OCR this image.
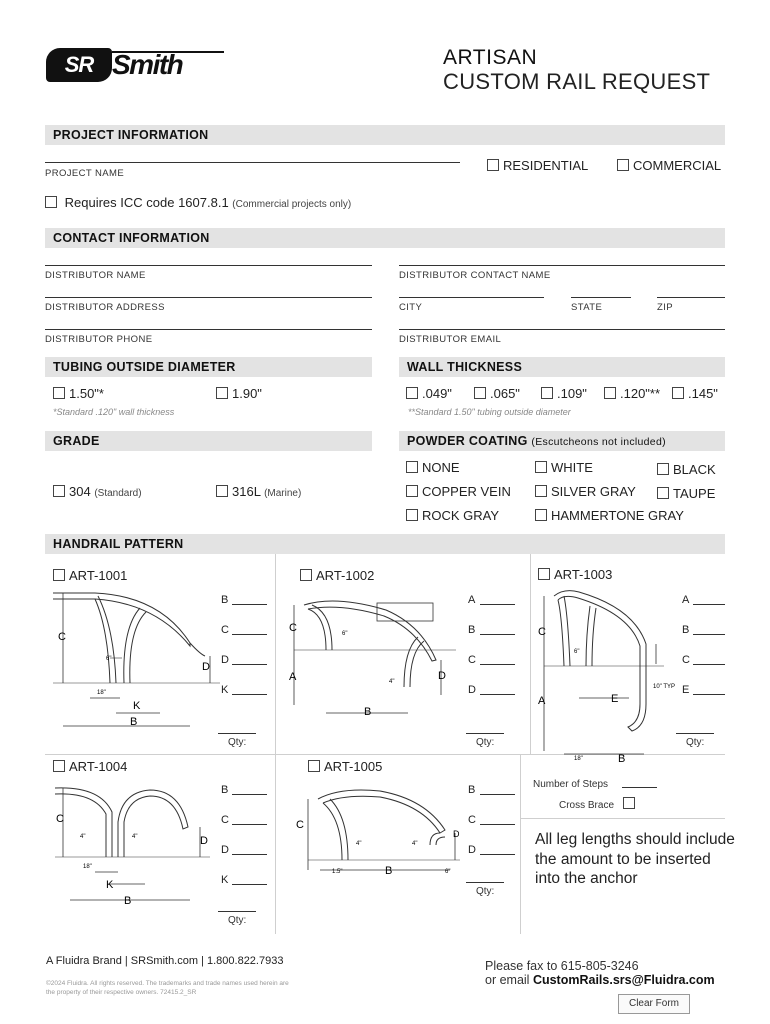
SR Smith	ARTISAN
CUSTOM RAIL REQUEST
PROJECT INFORMATION
PROJECT NAME
RESIDENTIAL	COMMERCIAL
Requires ICC code 1607.8.1 (Commercial projects only)
CONTACT INFORMATION
DISTRIBUTOR NAME	DISTRIBUTOR CONTACT NAME
DISTRIBUTOR ADDRESS	CITY	STATE	ZIP
DISTRIBUTOR PHONE	DISTRIBUTOR EMAIL
TUBING OUTSIDE DIAMETER	WALL THICKNESS
1.50"*	1.90"
*Standard .120" wall thickness
.049"	.065"	.109"	.120"**	.145"
**Standard 1.50" tubing outside diameter
GRADE	POWDER COATING (Escutcheons not included)
304 (Standard)	316L (Marine)
NONE	WHITE	BLACK
COPPER VEIN	SILVER GRAY	TAUPE
ROCK GRAY	HAMMERTONE GRAY
HANDRAIL PATTERN
ART-1001
C
D
18"
6"
K
B
B
C
D
K
Qty:
ART-1002
C
A	D
6"
4"
B
A
B
C
D
Qty:
ART-1003
C
A	E
10" TYP
6"
18"	B
A
B
C
E
Qty:
ART-1004
C
D
4"	4"
18"
K
B
B
C
D
K
Qty:
ART-1005
C
D
1.5"
4"	4"
6"
B
B
C
D
Qty:
Number of Steps
Cross Brace
All leg lengths should include the amount to be inserted into the anchor
A Fluidra Brand | SRSmith.com | 1.800.822.7933
©2024 Fluidra. All rights reserved. The trademarks and trade names used herein are the property of their respective owners. 72415.2_SR
Please fax to 615-805-3246
or email CustomRails.srs@Fluidra.com
Clear Form
